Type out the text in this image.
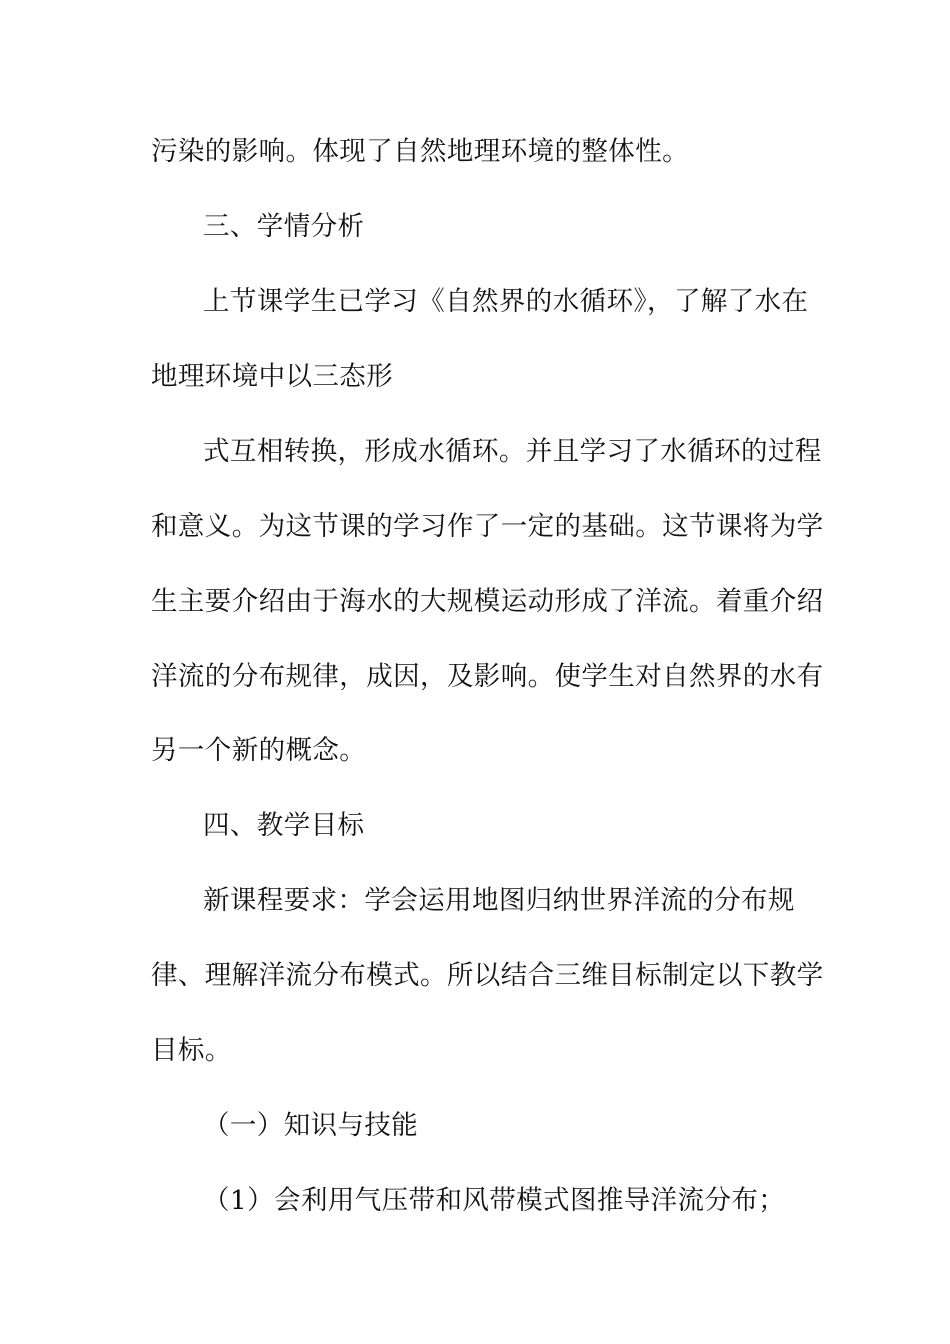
污染的影响。体现了自然地理环境的整体性。
三、学情分析
上节课学生已学习《自然界的水循环》，了解了水在
地理环境中以三态形
式互相转换，形成水循环。并且学习了水循环的过程
和意义。为这节课的学习作了一定的基础。这节课将为学
生主要介绍由于海水的大规模运动形成了洋流。着重介绍
洋流的分布规律，成因，及影响。使学生对自然界的水有
另一个新的概念。
四、教学目标
新课程要求：学会运用地图归纳世界洋流的分布规
律、理解洋流分布模式。所以结合三维目标制定以下教学
目标。
（一）知识与技能
（1）会利用气压带和风带模式图推导洋流分布；
